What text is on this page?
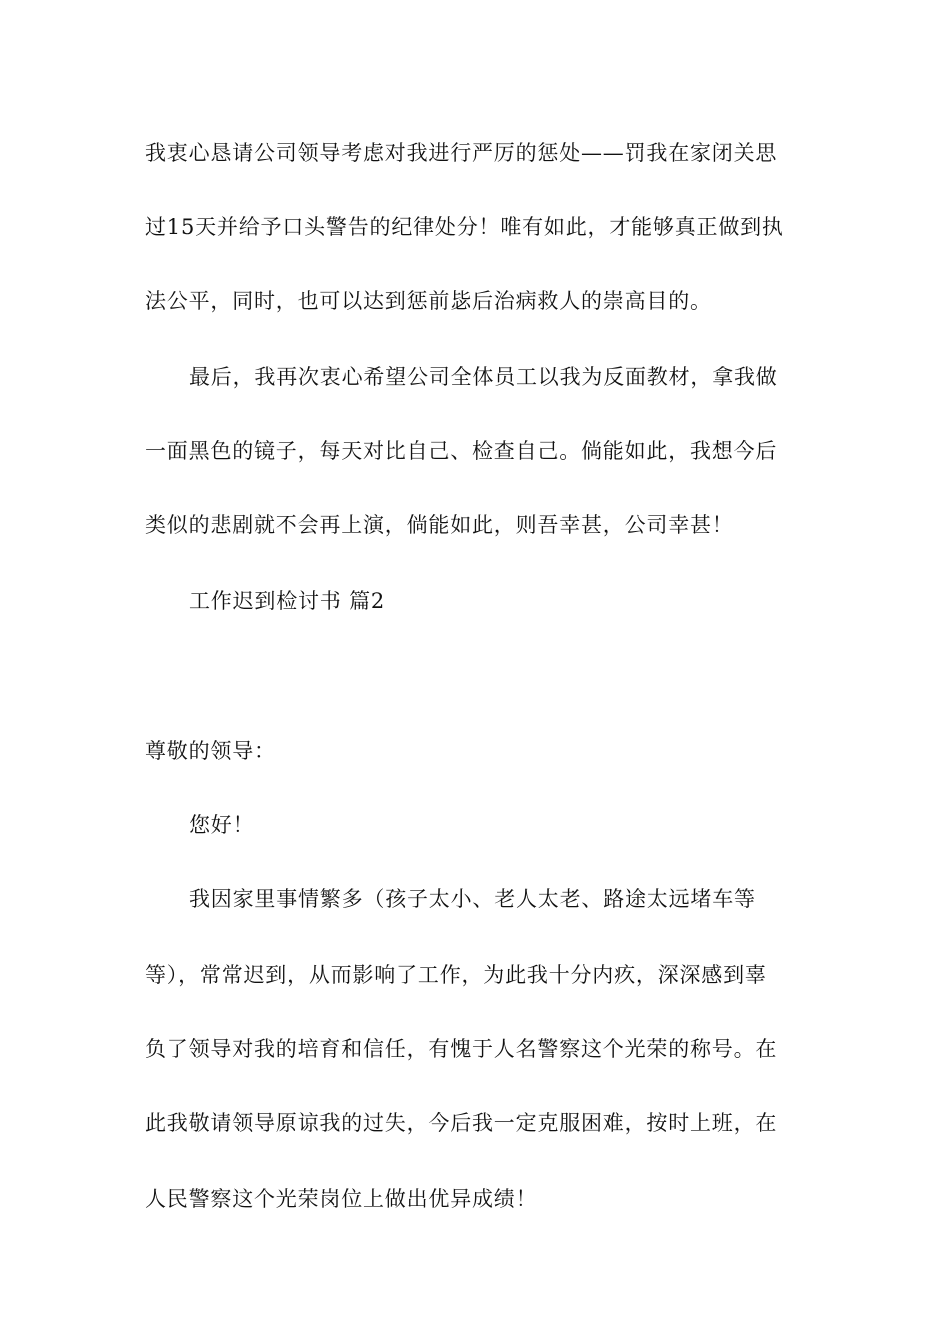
我衷心恳请公司领导考虑对我进行严厉的惩处——罚我在家闭关思
过15天并给予口头警告的纪律处分！唯有如此，才能够真正做到执
法公平，同时，也可以达到惩前毖后治病救人的崇高目的。
最后，我再次衷心希望公司全体员工以我为反面教材，拿我做
一面黑色的镜子，每天对比自己、检查自己。倘能如此，我想今后
类似的悲剧就不会再上演，倘能如此，则吾幸甚，公司幸甚！
工作迟到检讨书 篇2
尊敬的领导：
您好！
我因家里事情繁多（孩子太小、老人太老、路途太远堵车等
等），常常迟到，从而影响了工作，为此我十分内疚，深深感到辜
负了领导对我的培育和信任，有愧于人名警察这个光荣的称号。在
此我敬请领导原谅我的过失，今后我一定克服困难，按时上班，在
人民警察这个光荣岗位上做出优异成绩！
